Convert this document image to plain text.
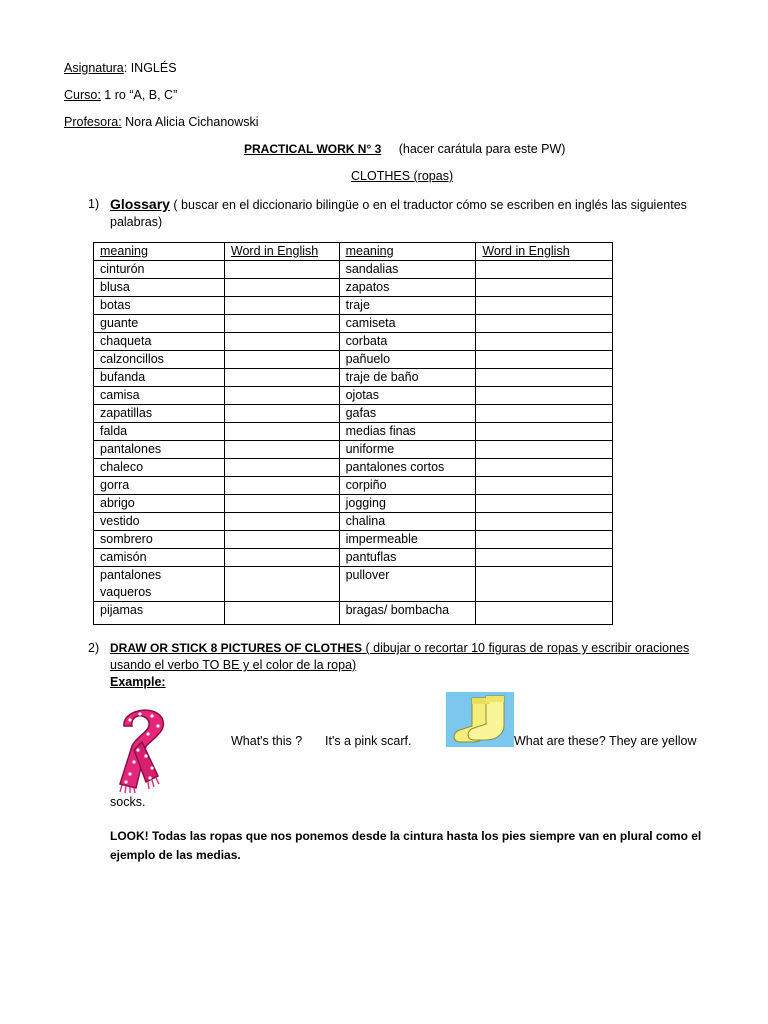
Asignatura: INGLÉS
Curso: 1 ro “A, B, C”
Profesora: Nora Alicia Cichanowski
PRACTICAL WORK N° 3 (hacer carátula para este PW)
CLOTHES (ropas)
1) Glossary ( buscar en el diccionario bilingüe o en el traductor cómo se escriben en inglés las siguientes
palabras)
meaning	Word in English	meaning	Word in English
cinturón		sandalias	
blusa		zapatos	
botas		traje	
guante		camiseta	
chaqueta		corbata	
calzoncillos		pañuelo	
bufanda		traje de baño	
camisa		ojotas	
zapatillas		gafas	
falda		medias finas	
pantalones		uniforme	
chaleco		pantalones cortos	
gorra		corpiño	
abrigo		jogging	
vestido		chalina	
sombrero		impermeable	
camisón		pantuflas	
pantalones vaqueros		pullover	
pijamas		bragas/ bombacha	
2) DRAW OR STICK 8 PICTURES OF CLOTHES ( dibujar o recortar 10 figuras de ropas y escribir oraciones
usando el verbo TO BE y el color de la ropa)
Example:
What's this ? It's a pink scarf.	What are these? They are yellow
socks.
LOOK! Todas las ropas que nos ponemos desde la cintura hasta los pies siempre van en plural como el
ejemplo de las medias.
